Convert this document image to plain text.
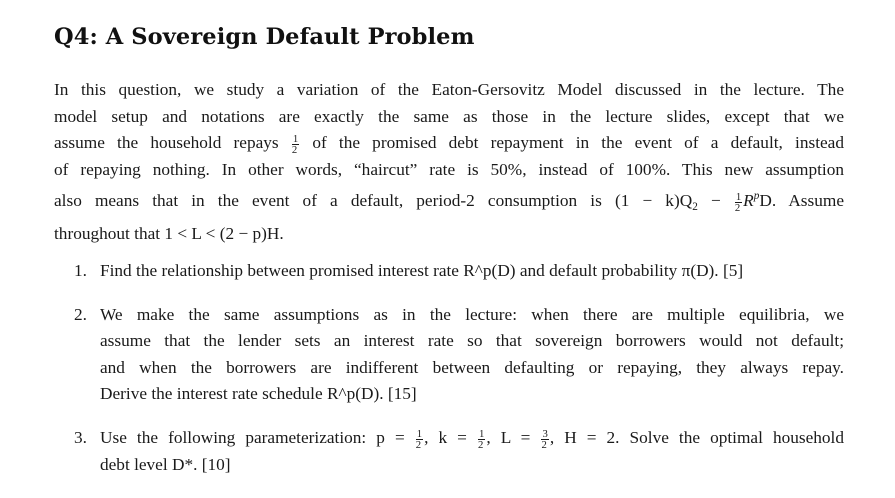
Q4: A Sovereign Default Problem
In this question, we study a variation of the Eaton-Gersovitz Model discussed in the lecture. The
model setup and notations are exactly the same as those in the lecture slides, except that we
assume the household repays $\frac{1}{2}$ of the promised debt repayment in the event of a default, instead
of repaying nothing. In other words, “haircut” rate is 50%, instead of 100%. This new assumption
also means that in the event of a default, period-2 consumption is $(1 - k)Q_2 - \frac{1}{2} R^pD$. Assume
throughout that 1 < L < (2 − p)H.
1. Find the relationship between promised interest rate R^p(D) and default probability π(D). [5]
2. We make the same assumptions as in the lecture: when there are multiple equilibria, we
assume that the lender sets an interest rate so that sovereign borrowers would not default;
and when the borrowers are indifferent between defaulting or repaying, they always repay.
Derive the interest rate schedule R^p(D). [15]
3. Use the following parameterization: $p = \frac{1}{2}$ , $k = \frac{1}{2}$ , $L = \frac{3}{2}$ , H = 2. Solve the optimal household
debt level D*. [10]
